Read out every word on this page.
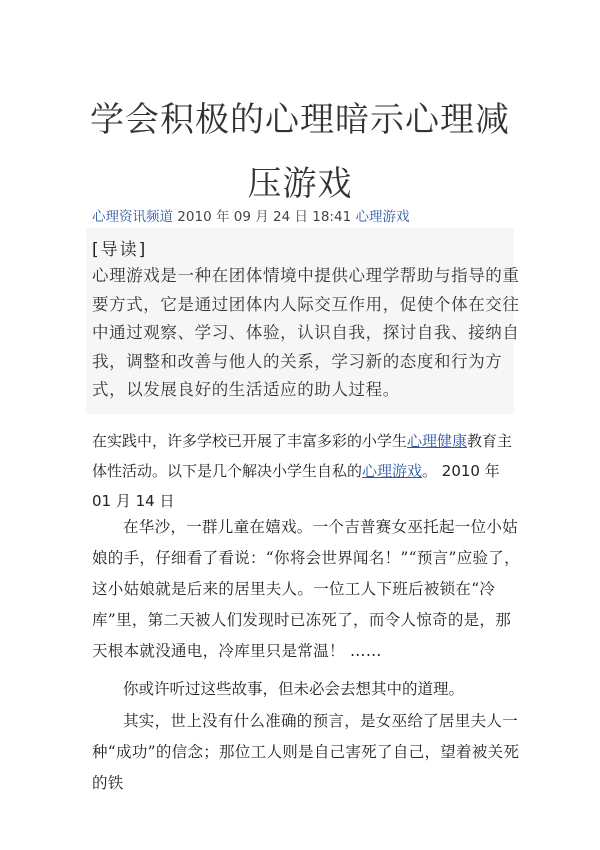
学会积极的心理暗示心理减
压游戏
心理资讯频道 2010 年 09 月 24 日 18:41 心理游戏
[导读]

心理游戏是一种在团体情境中提供心理学帮助与指导的重要方式，它是通过团体内人际交互作用，促使个体在交往中通过观察、学习、体验，认识自我，探讨自我、接纳自我，调整和改善与他人的关系，学习新的态度和行为方式，以发展良好的生活适应的助人过程。

在实践中，许多学校已开展了丰富多彩的小学生心理健康教育主体性活动。以下是几个解决小学生自私的心理游戏。 2010 年 01 月 14 日

在华沙，一群儿童在嬉戏。一个吉普赛女巫托起一位小姑娘的手，仔细看了看说：“你将会世界闻名！”“预言”应验了，这小姑娘就是后来的居里夫人。一位工人下班后被锁在“冷库”里，第二天被人们发现时已冻死了，而令人惊奇的是，那天根本就没通电，冷库里只是常温！ ……

你或许听过这些故事，但未必会去想其中的道理。

其实，世上没有什么准确的预言，是女巫给了居里夫人一种“成功”的信念；那位工人则是自己害死了自己，望着被关死的铁
